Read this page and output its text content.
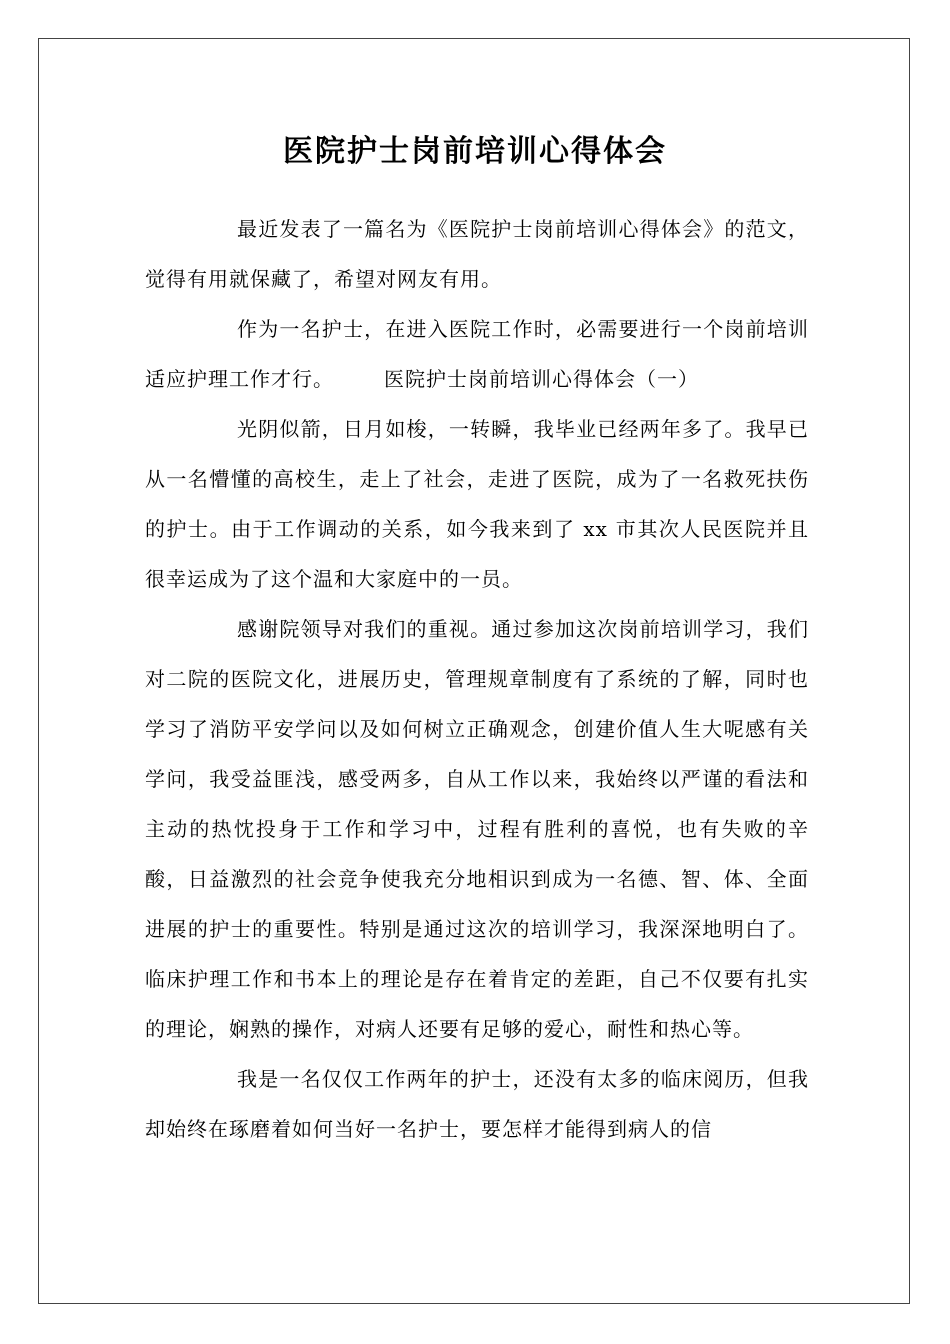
医院护士岗前培训心得体会

最近发表了一篇名为《医院护士岗前培训心得体会》的范文，觉得有用就保藏了，希望对网友有用。

作为一名护士，在进入医院工作时，必需要进行一个岗前培训适应护理工作才行。	医院护士岗前培训心得体会（一）

光阴似箭，日月如梭，一转瞬，我毕业已经两年多了。我早已从一名懵懂的高校生，走上了社会，走进了医院，成为了一名救死扶伤的护士。由于工作调动的关系，如今我来到了 xx 市其次人民医院并且很幸运成为了这个温和大家庭中的一员。

感谢院领导对我们的重视。通过参加这次岗前培训学习，我们对二院的医院文化，进展历史，管理规章制度有了系统的了解，同时也学习了消防平安学问以及如何树立正确观念，创建价值人生大呢感有关学问，我受益匪浅，感受两多，自从工作以来，我始终以严谨的看法和主动的热忱投身于工作和学习中，过程有胜利的喜悦，也有失败的辛酸，日益激烈的社会竞争使我充分地相识到成为一名德、智、体、全面进展的护士的重要性。特别是通过这次的培训学习，我深深地明白了。临床护理工作和书本上的理论是存在着肯定的差距，自己不仅要有扎实的理论，娴熟的操作，对病人还要有足够的爱心，耐性和热心等。

我是一名仅仅工作两年的护士，还没有太多的临床阅历，但我却始终在琢磨着如何当好一名护士，要怎样才能得到病人的信
